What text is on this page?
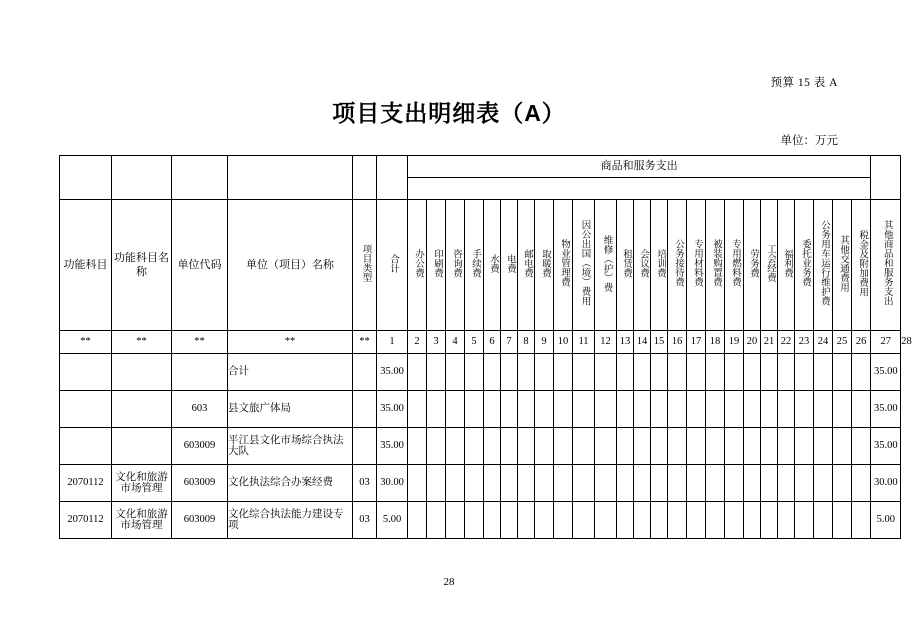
预算 15 表 A
项目支出明细表（A）
单位：万元
						商品和服务支出																										

功能科目	功能科目名称	单位代码	单位（项目）名称	项目类型	合计	办公费	印刷费	咨询费	手续费	水费	电费	邮电费	取暖费	物业管理费	因公出国（境）费用	维修（护）费	租赁费	会议费	培训费	公务接待费	专用材料费	被装购置费	专用燃料费	劳务费	工会经费	福利费	委托业务费	公务用车运行维护费	其他交通费用	税金及附加费用	其他商品和服务支出	
**	**	**	**	**	1	2	3	4	5	6	7	8	9	10	11	12	13	14	15	16	17	18	19	20	21	22	23	24	25	26	27	28
			合计		35.00																										35.00	
		603	县文旅广体局		35.00																										35.00	
		603009	平江县文化市场综合执法大队		35.00																										35.00	
2070112	文化和旅游市场管理	603009	文化执法综合办案经费	03	30.00																										30.00	
2070112	文化和旅游市场管理	603009	文化综合执法能力建设专项	03	5.00																										5.00	
28
